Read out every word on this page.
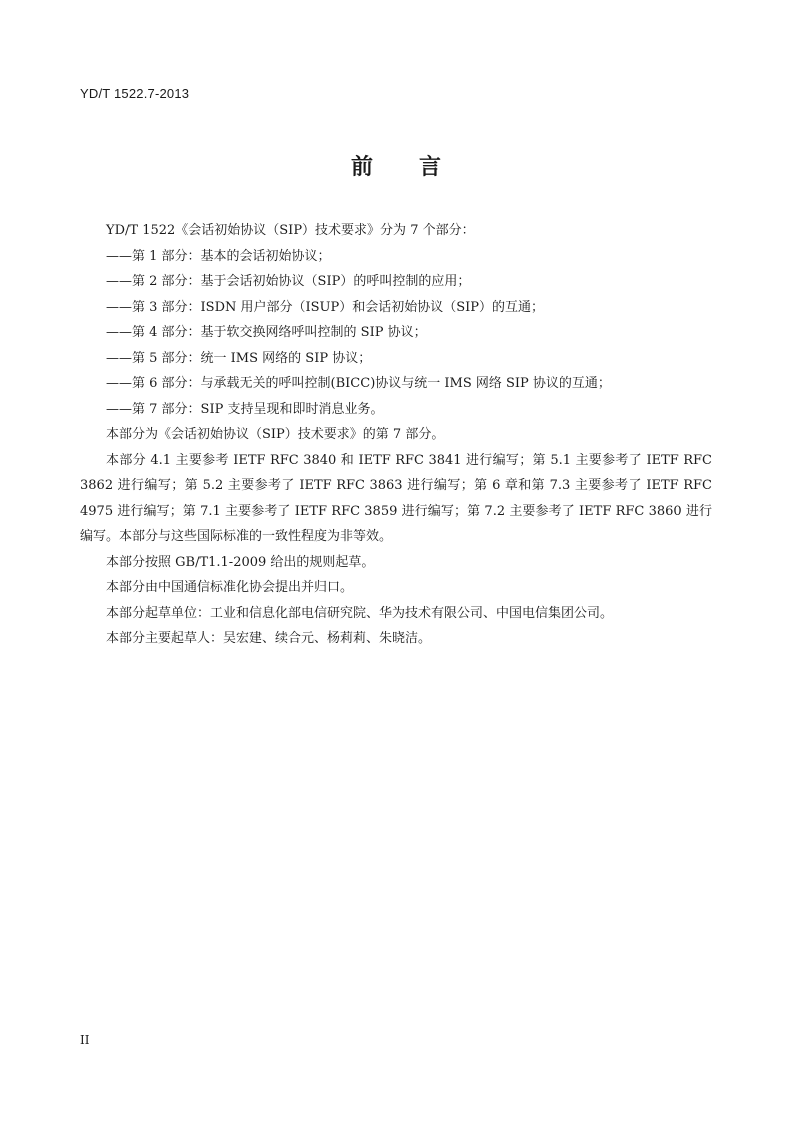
YD/T 1522.7-2013
前言

YD/T 1522《会话初始协议（SIP）技术要求》分为 7 个部分：

——第 1 部分：基本的会话初始协议；

——第 2 部分：基于会话初始协议（SIP）的呼叫控制的应用；

——第 3 部分：ISDN 用户部分（ISUP）和会话初始协议（SIP）的互通；

——第 4 部分：基于软交换网络呼叫控制的 SIP 协议；

——第 5 部分：统一 IMS 网络的 SIP 协议；

——第 6 部分：与承载无关的呼叫控制(BICC)协议与统一 IMS 网络 SIP 协议的互通；

——第 7 部分：SIP 支持呈现和即时消息业务。

本部分为《会话初始协议（SIP）技术要求》的第 7 部分。

本部分 4.1 主要参考 IETF RFC 3840 和 IETF RFC 3841 进行编写；第 5.1 主要参考了 IETF RFC 3862 进行编写；第 5.2 主要参考了 IETF RFC 3863 进行编写；第 6 章和第 7.3 主要参考了 IETF RFC 4975 进行编写；第 7.1 主要参考了 IETF RFC 3859 进行编写；第 7.2 主要参考了 IETF RFC 3860 进行编写。本部分与这些国际标准的一致性程度为非等效。

本部分按照 GB/T1.1-2009 给出的规则起草。

本部分由中国通信标准化协会提出并归口。

本部分起草单位：工业和信息化部电信研究院、华为技术有限公司、中国电信集团公司。

本部分主要起草人：吴宏建、续合元、杨莉莉、朱晓洁。

II
